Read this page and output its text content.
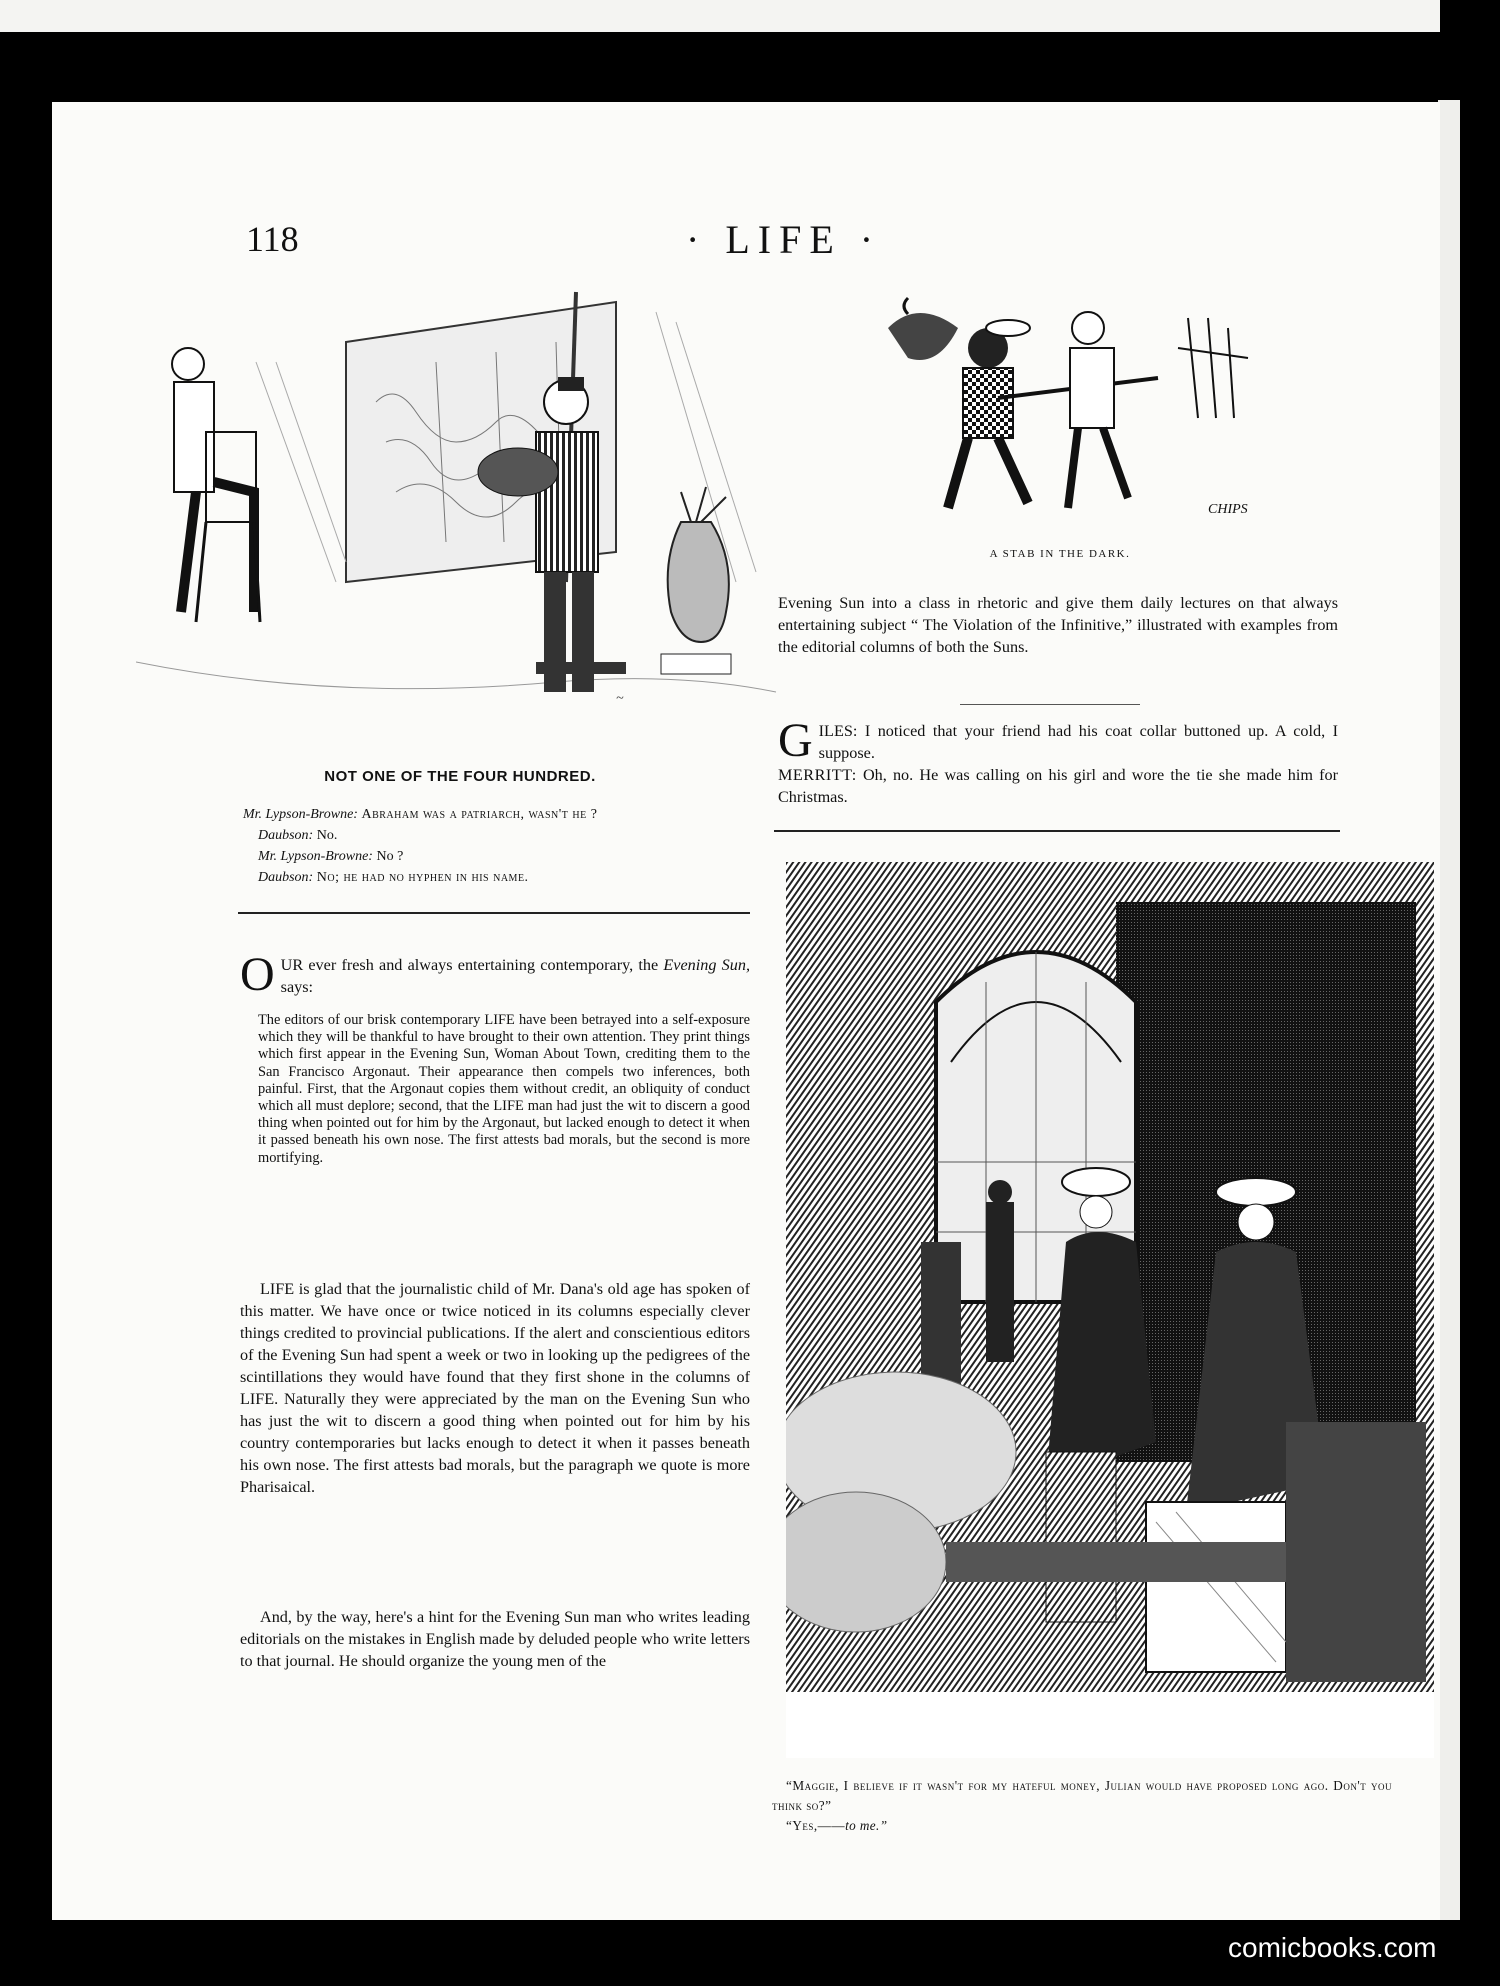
118	· LIFE ·
~
NOT ONE OF THE FOUR HUNDRED.
Mr. Lypson-Browne: Abraham was a patriarch, wasn't he ?
Daubson: No.
Mr. Lypson-Browne: No ?
Daubson: No; he had no hyphen in his name.
OUR ever fresh and always entertaining contemporary, the Evening Sun, says:
The editors of our brisk contemporary LIFE have been betrayed into a self-exposure which they will be thankful to have brought to their own attention. They print things which first appear in the Evening Sun, Woman About Town, crediting them to the San Francisco Argonaut. Their appearance then compels two inferences, both painful. First, that the Argonaut copies them without credit, an obliquity of conduct which all must deplore; second, that the LIFE man had just the wit to discern a good thing when pointed out for him by the Argonaut, but lacked enough to detect it when it passed beneath his own nose. The first attests bad morals, but the second is more mortifying.
LIFE is glad that the journalistic child of Mr. Dana's old age has spoken of this matter. We have once or twice noticed in its columns especially clever things credited to provincial publications. If the alert and conscientious editors of the Evening Sun had spent a week or two in looking up the pedigrees of the scintillations they would have found that they first shone in the columns of LIFE. Naturally they were appreciated by the man on the Evening Sun who has just the wit to discern a good thing when pointed out for him by his country contemporaries but lacks enough to detect it when it passes beneath his own nose. The first attests bad morals, but the paragraph we quote is more Pharisaical.
And, by the way, here's a hint for the Evening Sun man who writes leading editorials on the mistakes in English made by deluded people who write letters to that journal. He should organize the young men of the
CHIPS
A STAB IN THE DARK.
Evening Sun into a class in rhetoric and give them daily lectures on that always entertaining subject “ The Violation of the Infinitive,” illustrated with examples from the editorial columns of both the Suns.
GILES: I noticed that your friend had his coat collar buttoned up. A cold, I suppose.
MERRITT: Oh, no. He was calling on his girl and wore the tie she made him for Christmas.
“Maggie, I believe if it wasn't for my hateful money, Julian would have proposed long ago. Don't you think so?”
“Yes,——to me.”
comicbooks.com
